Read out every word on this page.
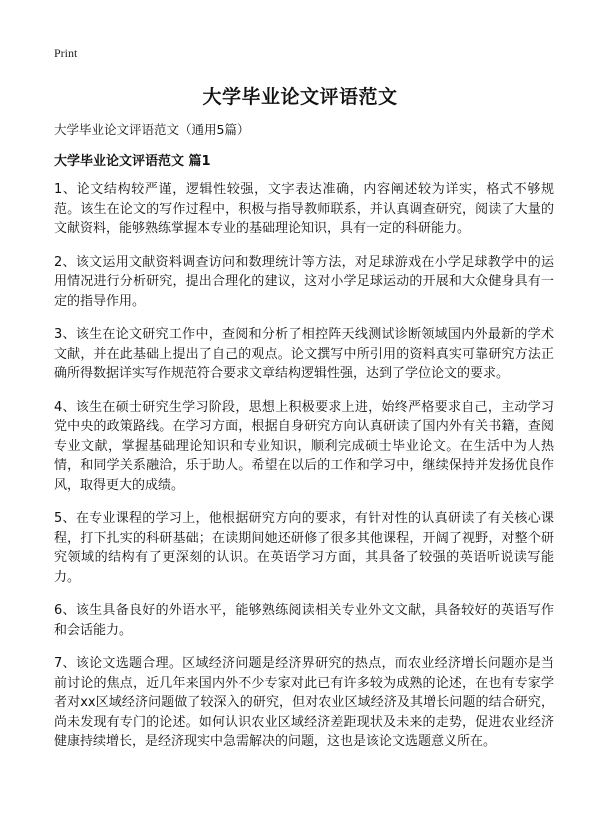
Print
大学毕业论文评语范文
大学毕业论文评语范文（通用5篇）
大学毕业论文评语范文 篇1

1、论文结构较严谨，逻辑性较强，文字表达准确，内容阐述较为详实，格式不够规范。该生在论文的写作过程中，积极与指导教师联系，并认真调查研究，阅读了大量的文献资料，能够熟练掌握本专业的基础理论知识，具有一定的科研能力。

2、该文运用文献资料调查访问和数理统计等方法，对足球游戏在小学足球教学中的运用情况进行分析研究，提出合理化的建议，这对小学足球运动的开展和大众健身具有一定的指导作用。

3、该生在论文研究工作中，查阅和分析了相控阵天线测试诊断领域国内外最新的学术文献，并在此基础上提出了自己的观点。论文撰写中所引用的资料真实可靠研究方法正确所得数据详实写作规范符合要求文章结构逻辑性强，达到了学位论文的要求。

4、该生在硕士研究生学习阶段，思想上积极要求上进，始终严格要求自己，主动学习党中央的政策路线。在学习方面，根据自身研究方向认真研读了国内外有关书籍，查阅专业文献，掌握基础理论知识和专业知识，顺利完成硕士毕业论文。在生活中为人热情，和同学关系融洽，乐于助人。希望在以后的工作和学习中，继续保持并发扬优良作风，取得更大的成绩。

5、在专业课程的学习上，他根据研究方向的要求，有针对性的认真研读了有关核心课程，打下扎实的科研基础；在读期间她还研修了很多其他课程，开阔了视野，对整个研究领域的结构有了更深刻的认识。在英语学习方面，其具备了较强的英语听说读写能力。

6、该生具备良好的外语水平，能够熟练阅读相关专业外文文献，具备较好的英语写作和会话能力。

7、该论文选题合理。区域经济问题是经济界研究的热点，而农业经济增长问题亦是当前讨论的焦点，近几年来国内外不少专家对此已有许多较为成熟的论述，在也有专家学者对xx区域经济问题做了较深入的研究，但对农业区域经济及其增长问题的结合研究，尚未发现有专门的论述。如何认识农业区域经济差距现状及未来的走势，促进农业经济健康持续增长，是经济现实中急需解决的问题，这也是该论文选题意义所在。
